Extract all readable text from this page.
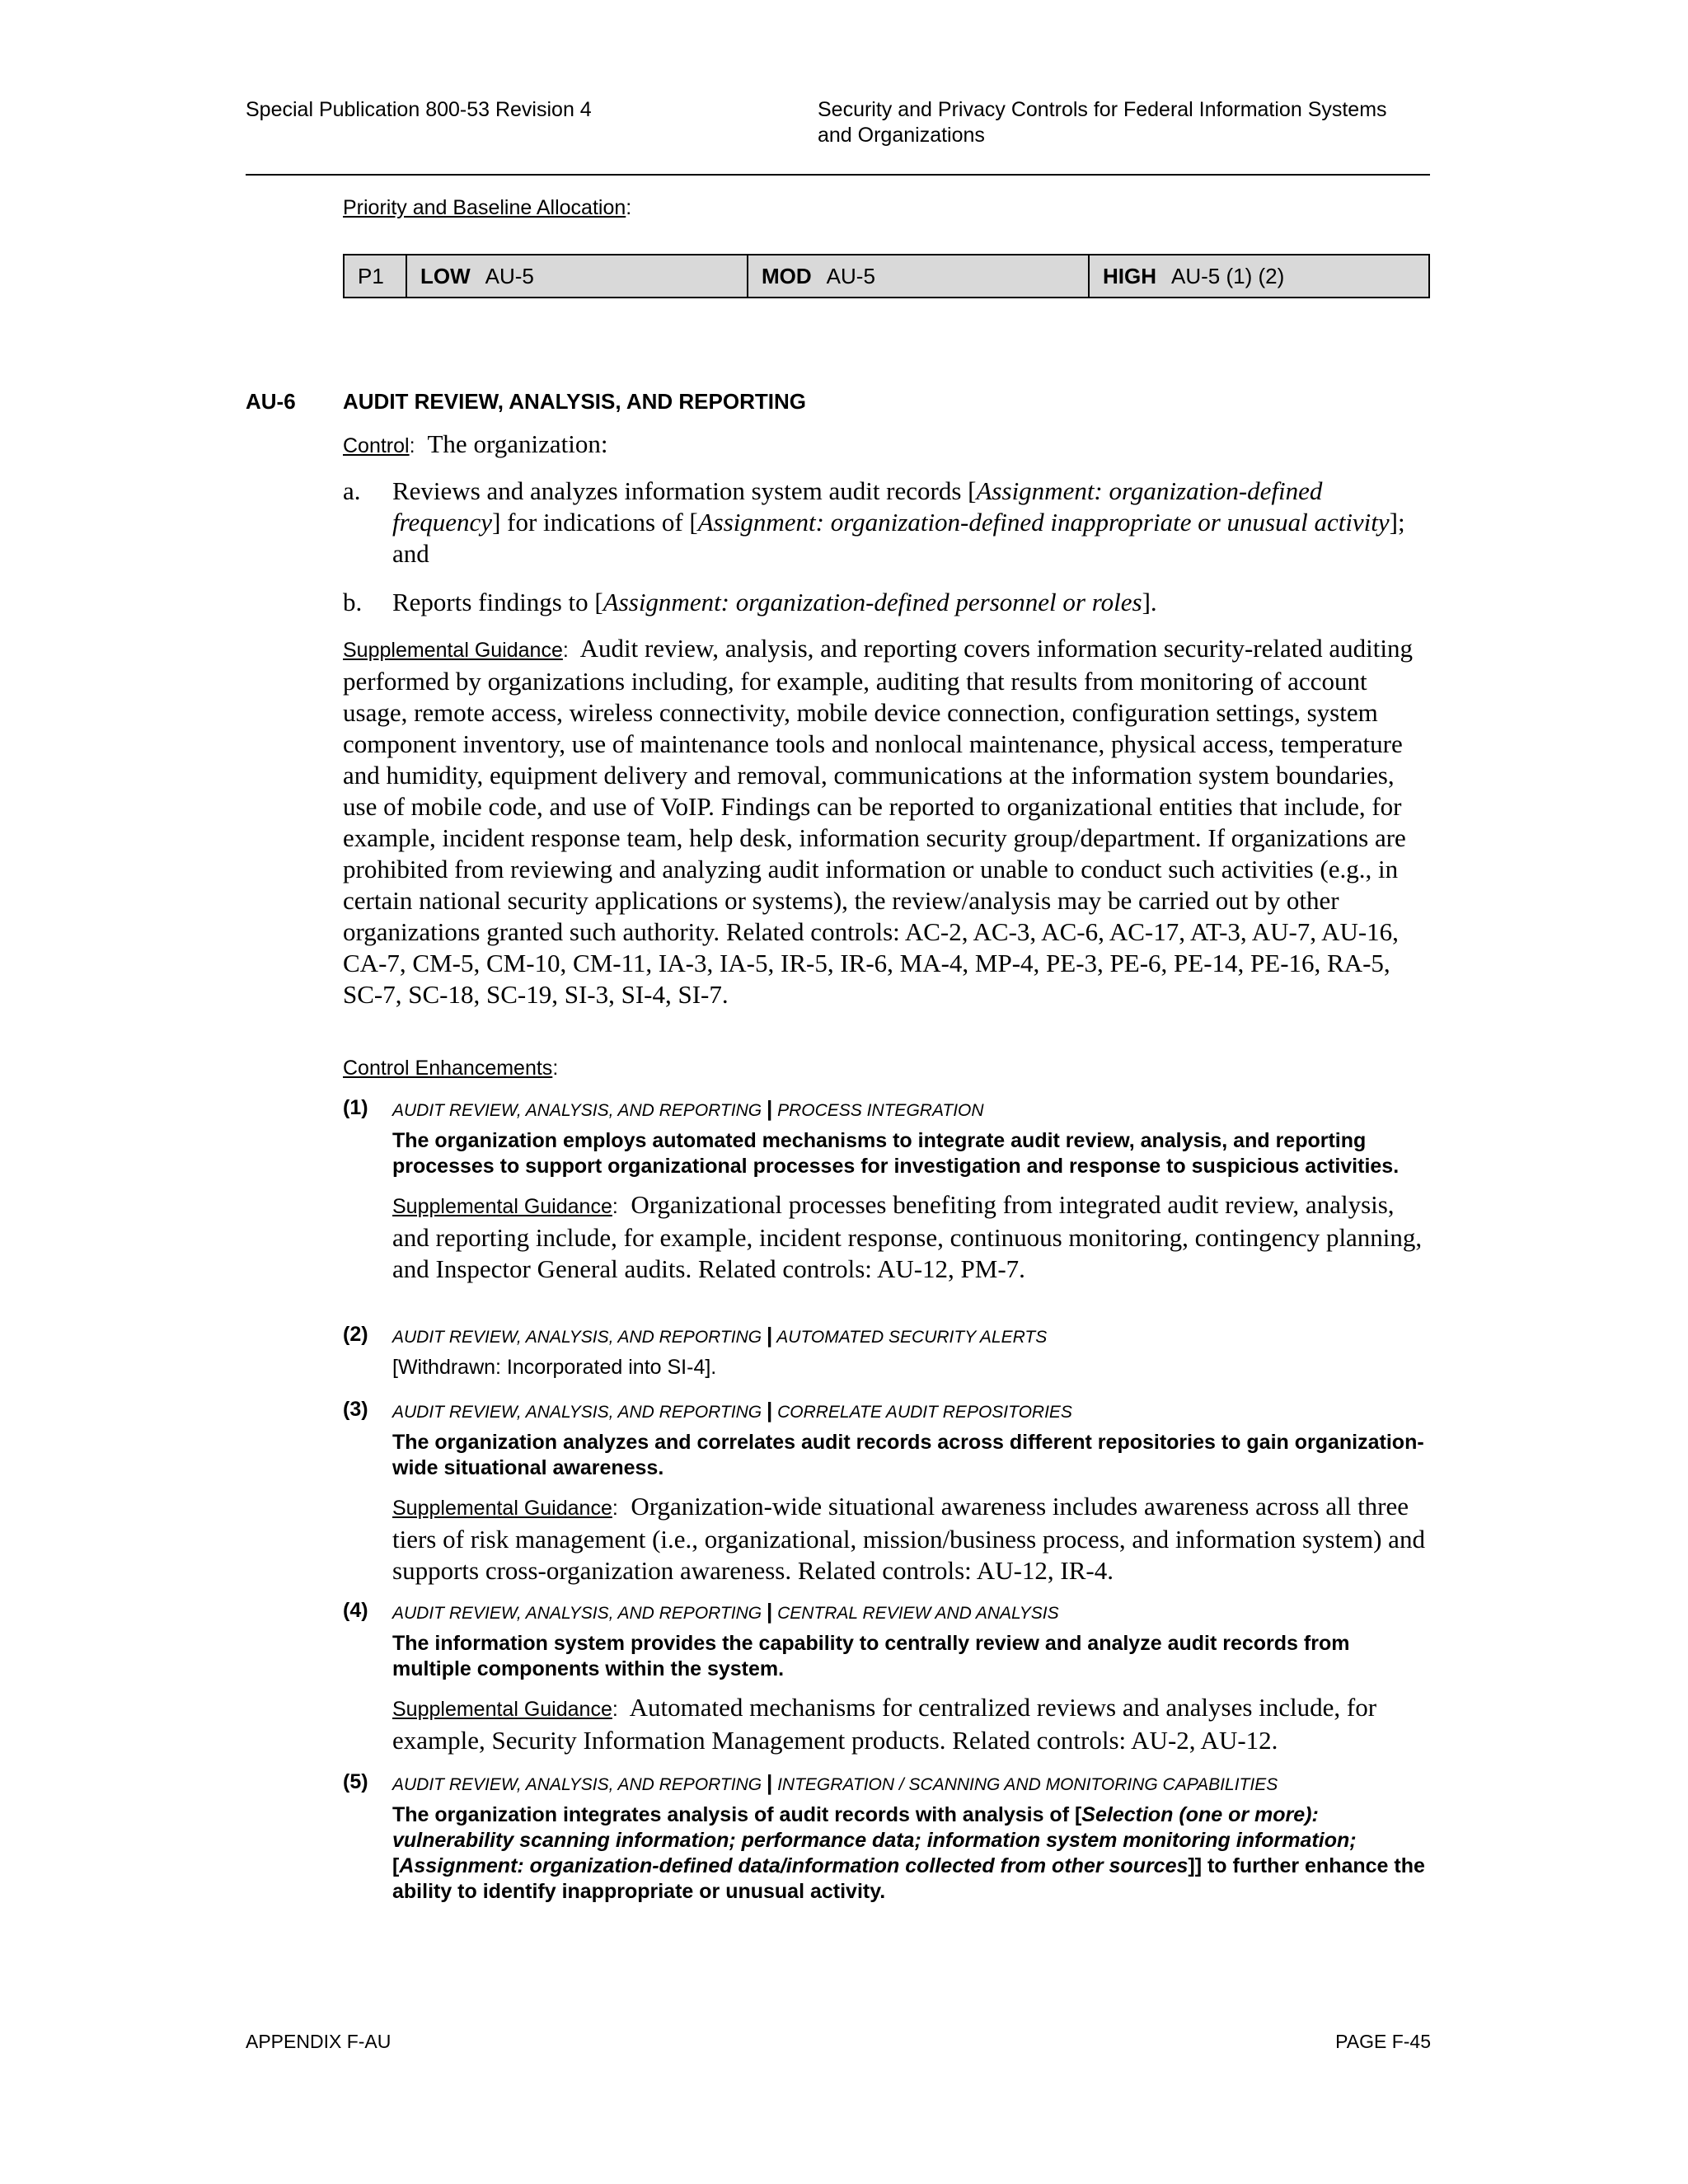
Special Publication 800-53 Revision 4	Security and Privacy Controls for Federal Information Systems
and Organizations
Priority and Baseline Allocation:
P1	LOW AU-5	MOD AU-5	HIGH AU-5 (1) (2)
AU-6 AUDIT REVIEW, ANALYSIS, AND REPORTING
Control: The organization:
a. Reviews and analyzes information system audit records [Assignment: organization-defined frequency] for indications of [Assignment: organization-defined inappropriate or unusual activity]; and
b. Reports findings to [Assignment: organization-defined personnel or roles].
Supplemental Guidance: Audit review, analysis, and reporting covers information security-related auditing performed by organizations including, for example, auditing that results from monitoring of account usage, remote access, wireless connectivity, mobile device connection, configuration settings, system component inventory, use of maintenance tools and nonlocal maintenance, physical access, temperature and humidity, equipment delivery and removal, communications at the information system boundaries, use of mobile code, and use of VoIP. Findings can be reported to organizational entities that include, for example, incident response team, help desk, information security group/department. If organizations are prohibited from reviewing and analyzing audit information or unable to conduct such activities (e.g., in certain national security applications or systems), the review/analysis may be carried out by other organizations granted such authority. Related controls: AC-2, AC-3, AC-6, AC-17, AT-3, AU-7, AU-16, CA-7, CM-5, CM-10, CM-11, IA-3, IA-5, IR-5, IR-6, MA-4, MP-4, PE-3, PE-6, PE-14, PE-16, RA-5, SC-7, SC-18, SC-19, SI-3, SI-4, SI-7.
Control Enhancements:
(1) AUDIT REVIEW, ANALYSIS, AND REPORTING | PROCESS INTEGRATION
The organization employs automated mechanisms to integrate audit review, analysis, and reporting processes to support organizational processes for investigation and response to suspicious activities.
Supplemental Guidance: Organizational processes benefiting from integrated audit review, analysis, and reporting include, for example, incident response, continuous monitoring, contingency planning, and Inspector General audits. Related controls: AU-12, PM-7.
(2) AUDIT REVIEW, ANALYSIS, AND REPORTING | AUTOMATED SECURITY ALERTS
[Withdrawn: Incorporated into SI-4].
(3) AUDIT REVIEW, ANALYSIS, AND REPORTING | CORRELATE AUDIT REPOSITORIES
The organization analyzes and correlates audit records across different repositories to gain organization-wide situational awareness.
Supplemental Guidance: Organization-wide situational awareness includes awareness across all three tiers of risk management (i.e., organizational, mission/business process, and information system) and supports cross-organization awareness. Related controls: AU-12, IR-4.
(4) AUDIT REVIEW, ANALYSIS, AND REPORTING | CENTRAL REVIEW AND ANALYSIS
The information system provides the capability to centrally review and analyze audit records from multiple components within the system.
Supplemental Guidance: Automated mechanisms for centralized reviews and analyses include, for example, Security Information Management products. Related controls: AU-2, AU-12.
(5) AUDIT REVIEW, ANALYSIS, AND REPORTING | INTEGRATION / SCANNING AND MONITORING CAPABILITIES
The organization integrates analysis of audit records with analysis of [Selection (one or more): vulnerability scanning information; performance data; information system monitoring information; [Assignment: organization-defined data/information collected from other sources]] to further enhance the ability to identify inappropriate or unusual activity.
APPENDIX F-AU	PAGE F-45
